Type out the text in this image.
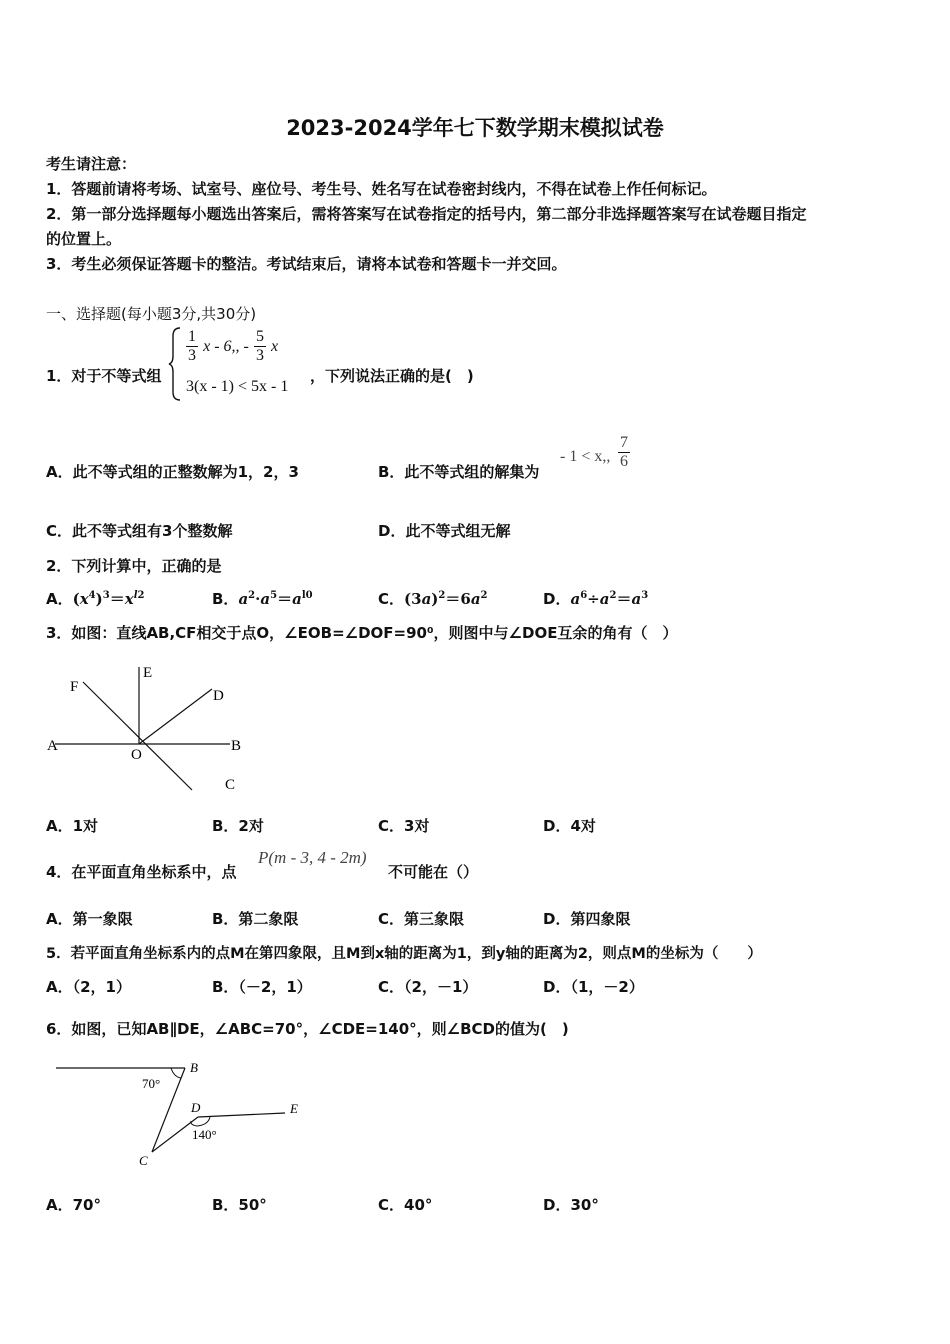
2023-2024学年七下数学期末模拟试卷
考生请注意：
1．答题前请将考场、试室号、座位号、考生号、姓名写在试卷密封线内，不得在试卷上作任何标记。
2．第一部分选择题每小题选出答案后，需将答案写在试卷指定的括号内，第二部分非选择题答案写在试卷题目指定
的位置上。
3．考生必须保证答题卡的整洁。考试结束后，请将本试卷和答题卡一并交回。
一、选择题(每小题3分,共30分)
1．对于不等式组
$\frac{1}{3}$ x - 6,, - $\frac{5}{3}$ x
3(x - 1) < 5x - 1
，下列说法正确的是(　)
A．此不等式组的正整数解为1，2，3	B．此不等式组的解集为
- 1 < x,, $\frac{7}{6}$
C．此不等式组有3个整数解	D．此不等式组无解
2．下列计算中，正确的是
A．$(x^4)^3=x^{l2}$	B．$a^2\cdot a^5=a^{l0}$	C．$(3a)^2=6a^2$	D．$a^6\div a^2=a^3$
3．如图：直线AB,CF相交于点O，∠EOB=∠DOF=90⁰，则图中与∠DOE互余的角有（　）
F
E
D
A
O
B
C
A．1对	B．2对	C．3对	D．4对
4．在平面直角坐标系中，点
P(m - 3, 4 - 2m)
不可能在（）
A．第一象限	B．第二象限	C．第三象限	D．第四象限
5．若平面直角坐标系内的点M在第四象限，且M到x轴的距离为1，到y轴的距离为2，则点M的坐标为（　　）
A．（2，1）	B．（－2，1）	C．（2，－1）	D．（1，－2）
6．如图，已知AB∥DE，∠ABC=70°，∠CDE=140°，则∠BCD的值为(　)
B
70°
D	E
140°
C
A．70°	B．50°	C．40°	D．30°
